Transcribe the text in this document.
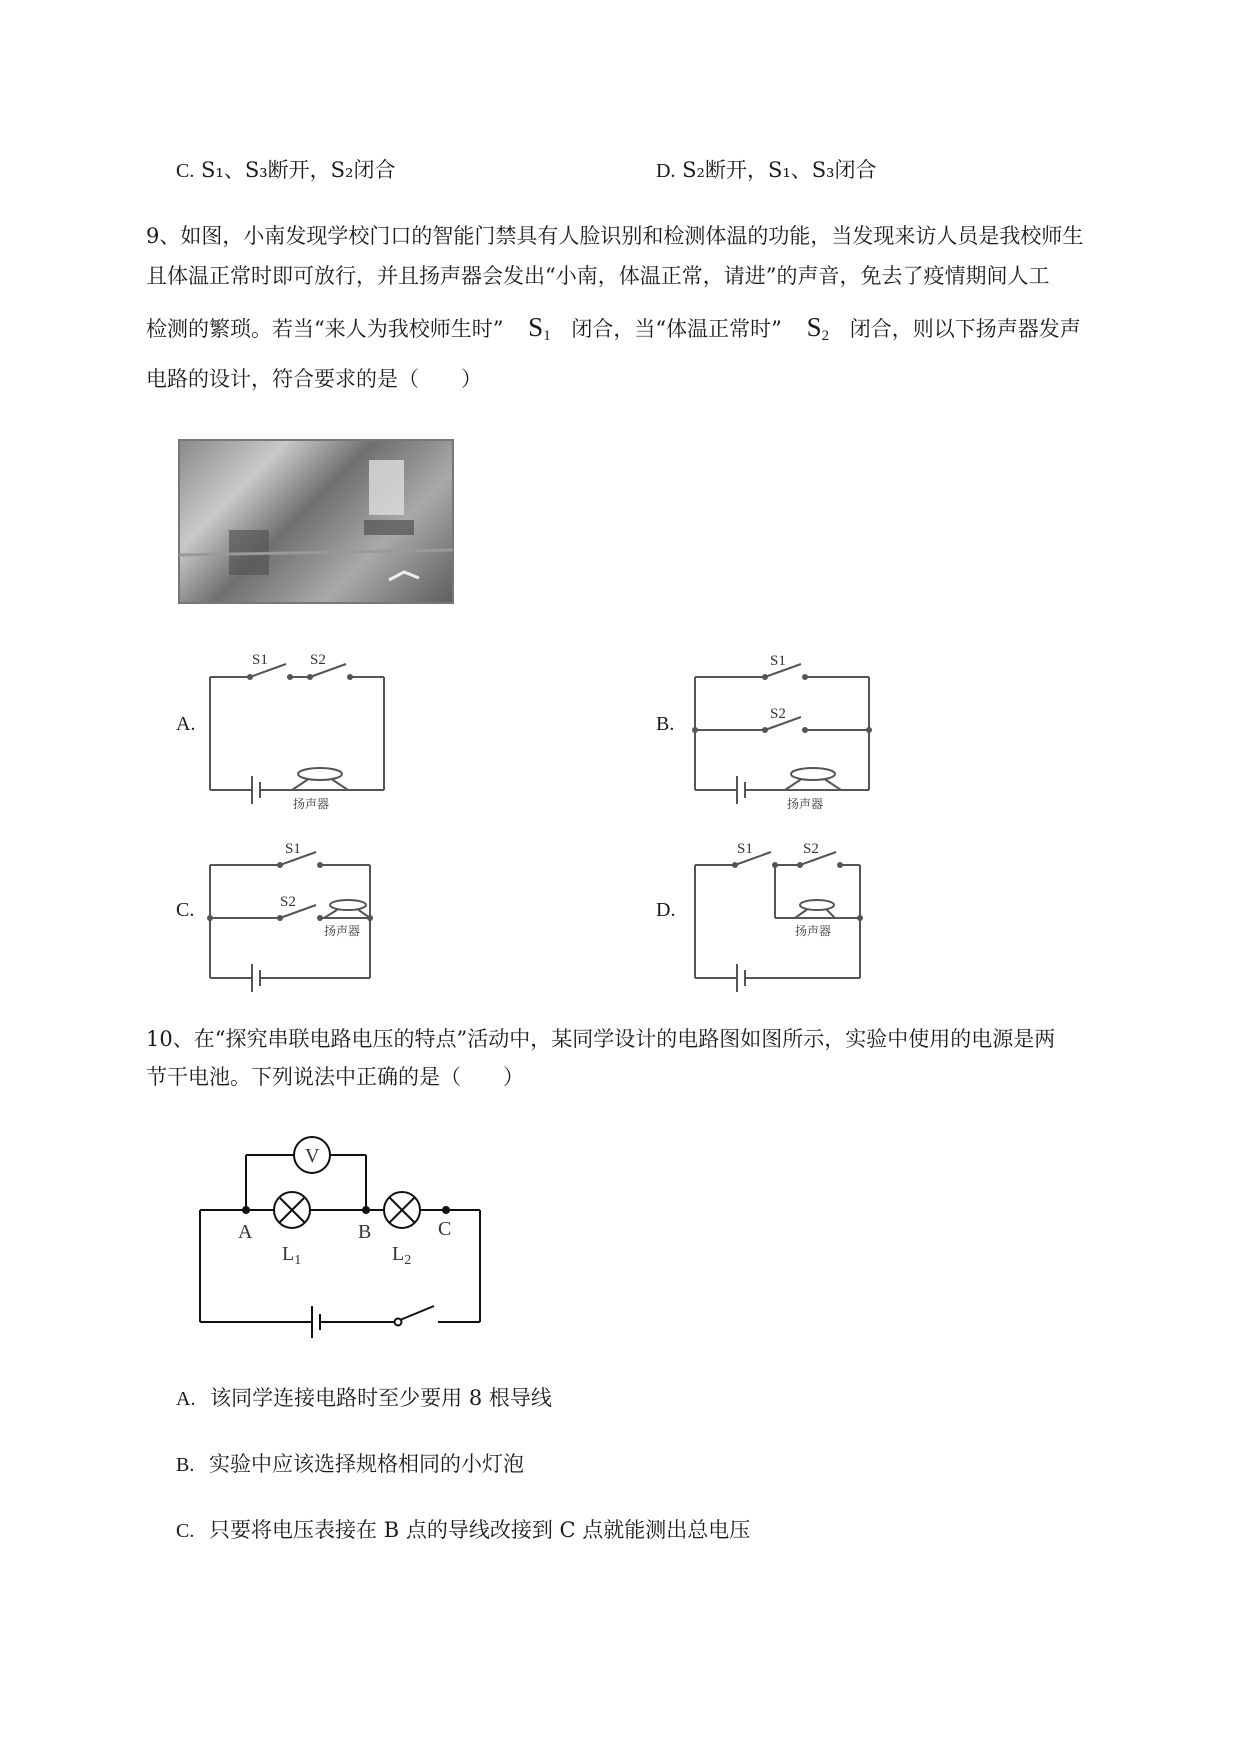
C. S₁、S₃断开，S₂闭合	D. S₂断开，S₁、S₃闭合
9、如图，小南发现学校门口的智能门禁具有人脸识别和检测体温的功能，当发现来访人员是我校师生
且体温正常时即可放行，并且扬声器会发出“小南，体温正常，请进”的声音，免去了疫情期间人工
检测的繁琐。若当“来人为我校师生时” $S_1$ 闭合，当“体温正常时” $S_2$ 闭合，则以下扬声器发声
电路的设计，符合要求的是（　　）
A.	B.
C.	D.
S1	S2
扬声器
S1
S2
扬声器
S1
S2
扬声器
S1	S2
扬声器
10、在“探究串联电路电压的特点”活动中，某同学设计的电路图如图所示，实验中使用的电源是两
节干电池。下列说法中正确的是（　　）
V
A	B	C
$L_1$	$L_2$
A. 该同学连接电路时至少要用 8 根导线
B. 实验中应该选择规格相同的小灯泡
C. 只要将电压表接在 B 点的导线改接到 C 点就能测出总电压
